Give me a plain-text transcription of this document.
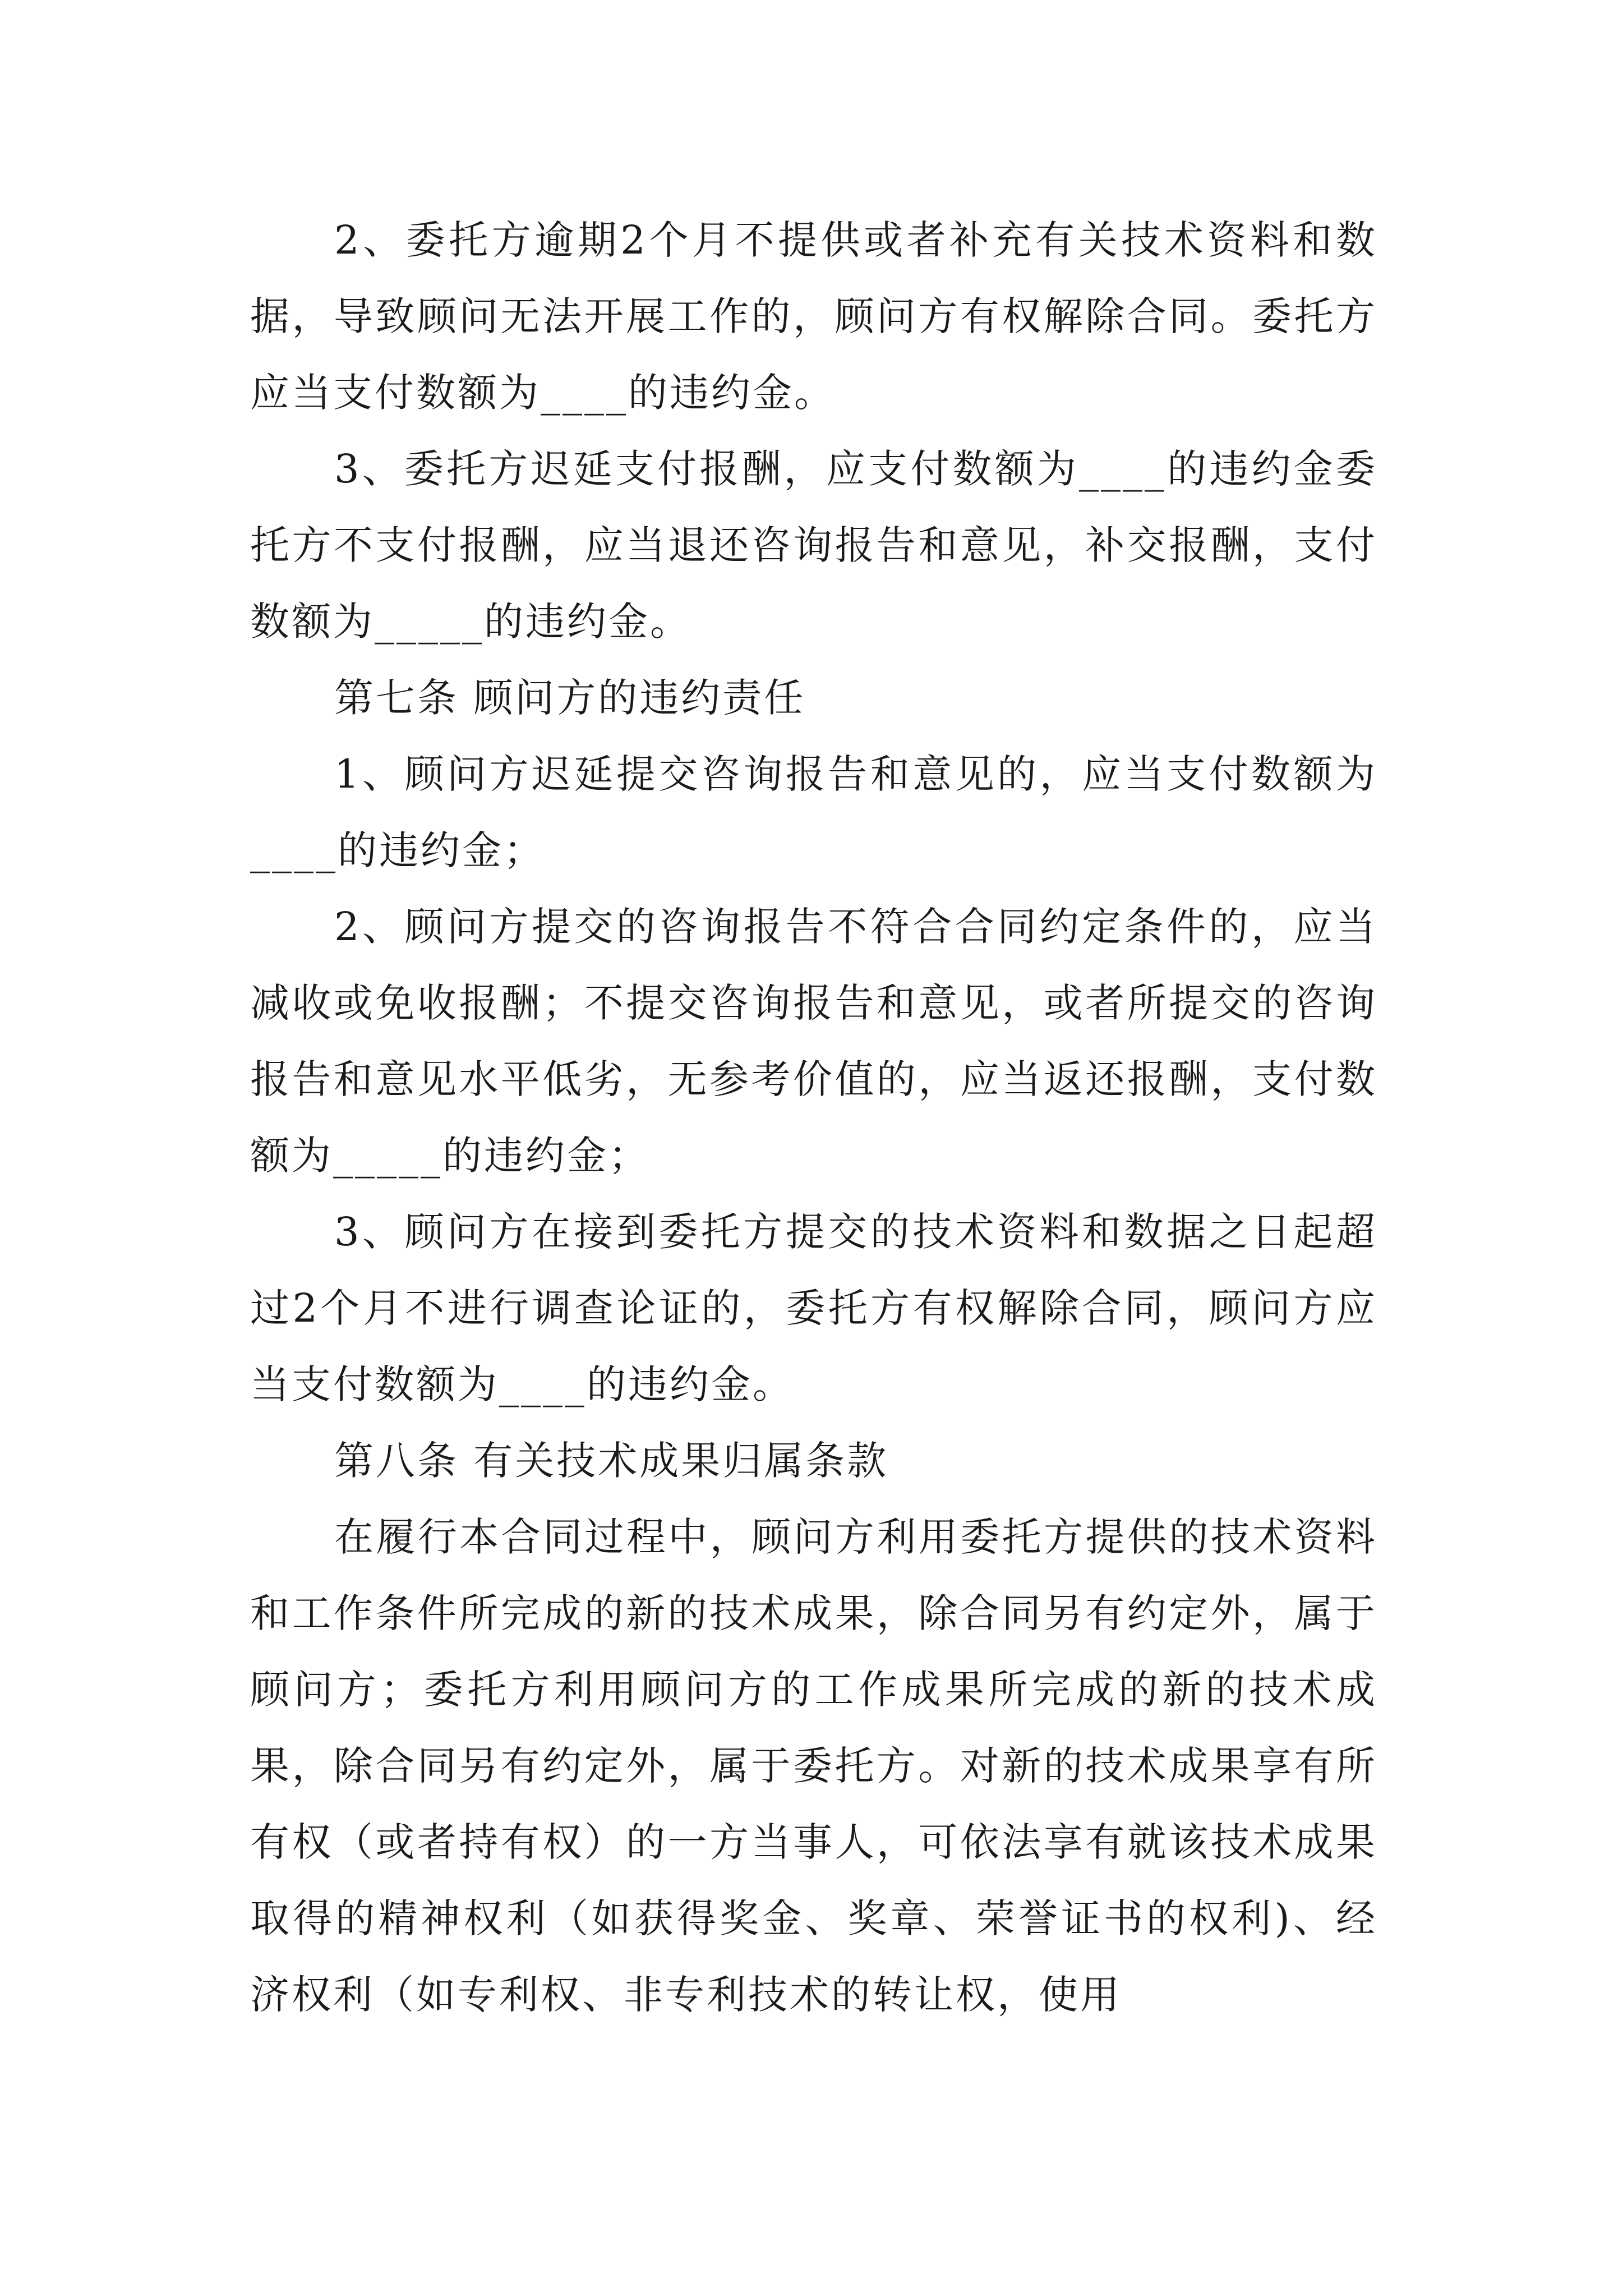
2、委托方逾期2个月不提供或者补充有关技术资料和数据，导致顾问无法开展工作的，顾问方有权解除合同。委托方应当支付数额为____的违约金。

3、委托方迟延支付报酬，应支付数额为____的违约金委托方不支付报酬，应当退还咨询报告和意见，补交报酬，支付数额为_____的违约金。

第七条 顾问方的违约责任

1、顾问方迟延提交咨询报告和意见的，应当支付数额为____的违约金；

2、顾问方提交的咨询报告不符合合同约定条件的，应当减收或免收报酬；不提交咨询报告和意见，或者所提交的咨询报告和意见水平低劣，无参考价值的，应当返还报酬，支付数额为_____的违约金；

3、顾问方在接到委托方提交的技术资料和数据之日起超过2个月不进行调查论证的，委托方有权解除合同，顾问方应当支付数额为____的违约金。

第八条 有关技术成果归属条款

在履行本合同过程中，顾问方利用委托方提供的技术资料和工作条件所完成的新的技术成果，除合同另有约定外，属于顾问方；委托方利用顾问方的工作成果所完成的新的技术成果，除合同另有约定外，属于委托方。对新的技术成果享有所有权（或者持有权）的一方当事人，可依法享有就该技术成果取得的精神权利（如获得奖金、奖章、荣誉证书的权利)、经济权利（如专利权、非专利技术的转让权，使用
